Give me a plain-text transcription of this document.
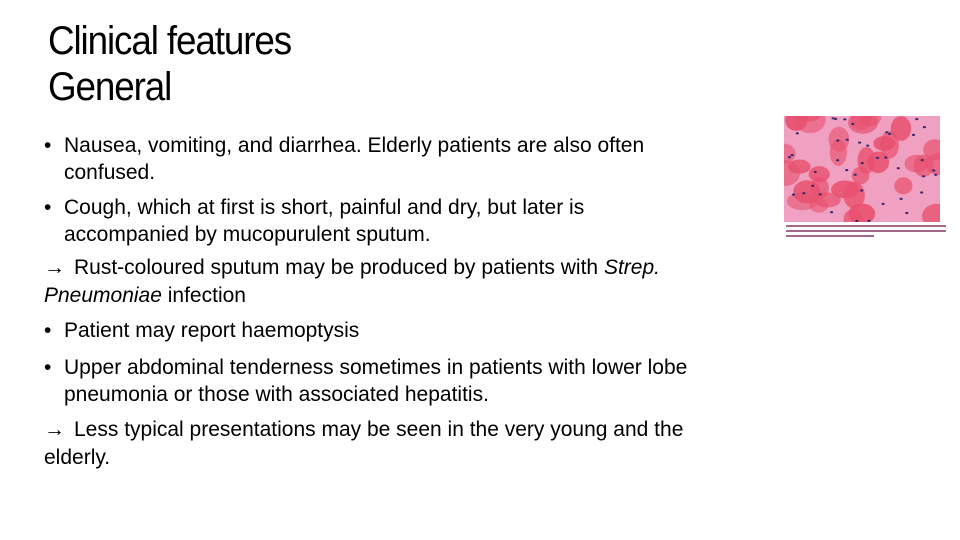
Clinical features
General
• Nausea, vomiting, and diarrhea. Elderly patients are also often
confused.
• Cough, which at first is short, painful and dry, but later is
accompanied by mucopurulent sputum.
→ Rust-coloured sputum may be produced by patients with Strep.
Pneumoniae infection
• Patient may report haemoptysis
• Upper abdominal tenderness sometimes in patients with lower lobe
pneumonia or those with associated hepatitis.
→ Less typical presentations may be seen in the very young and the
elderly.
